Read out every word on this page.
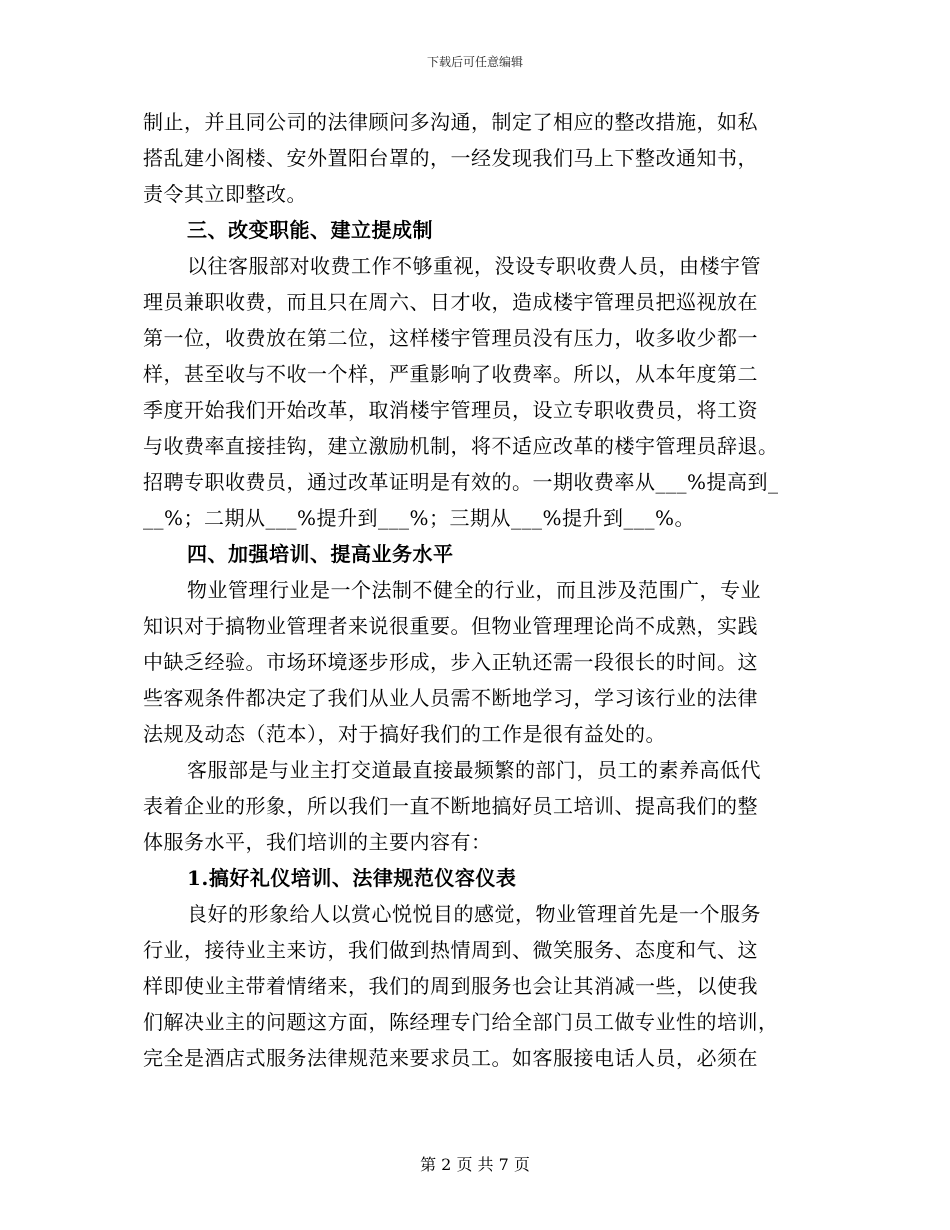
下载后可任意编辑
制止，并且同公司的法律顾问多沟通，制定了相应的整改措施，如私
搭乱建小阁楼、安外置阳台罩的，一经发现我们马上下整改通知书，
责令其立即整改。
三、改变职能、建立提成制
以往客服部对收费工作不够重视，没设专职收费人员，由楼宇管
理员兼职收费，而且只在周六、日才收，造成楼宇管理员把巡视放在
第一位，收费放在第二位，这样楼宇管理员没有压力，收多收少都一
样，甚至收与不收一个样，严重影响了收费率。所以，从本年度第二
季度开始我们开始改革，取消楼宇管理员，设立专职收费员，将工资
与收费率直接挂钩，建立激励机制，将不适应改革的楼宇管理员辞退。
招聘专职收费员，通过改革证明是有效的。一期收费率从___%提高到_
__%；二期从___%提升到___%；三期从___%提升到___%。
四、加强培训、提高业务水平
物业管理行业是一个法制不健全的行业，而且涉及范围广，专业
知识对于搞物业管理者来说很重要。但物业管理理论尚不成熟，实践
中缺乏经验。市场环境逐步形成，步入正轨还需一段很长的时间。这
些客观条件都决定了我们从业人员需不断地学习，学习该行业的法律
法规及动态（范本），对于搞好我们的工作是很有益处的。
客服部是与业主打交道最直接最频繁的部门，员工的素养高低代
表着企业的形象，所以我们一直不断地搞好员工培训、提高我们的整
体服务水平，我们培训的主要内容有：
1.搞好礼仪培训、法律规范仪容仪表
良好的形象给人以赏心悦悦目的感觉，物业管理首先是一个服务
行业，接待业主来访，我们做到热情周到、微笑服务、态度和气、这
样即使业主带着情绪来，我们的周到服务也会让其消减一些，以使我
们解决业主的问题这方面，陈经理专门给全部门员工做专业性的培训，
完全是酒店式服务法律规范来要求员工。如客服接电话人员，必须在
第 2 页 共 7 页
